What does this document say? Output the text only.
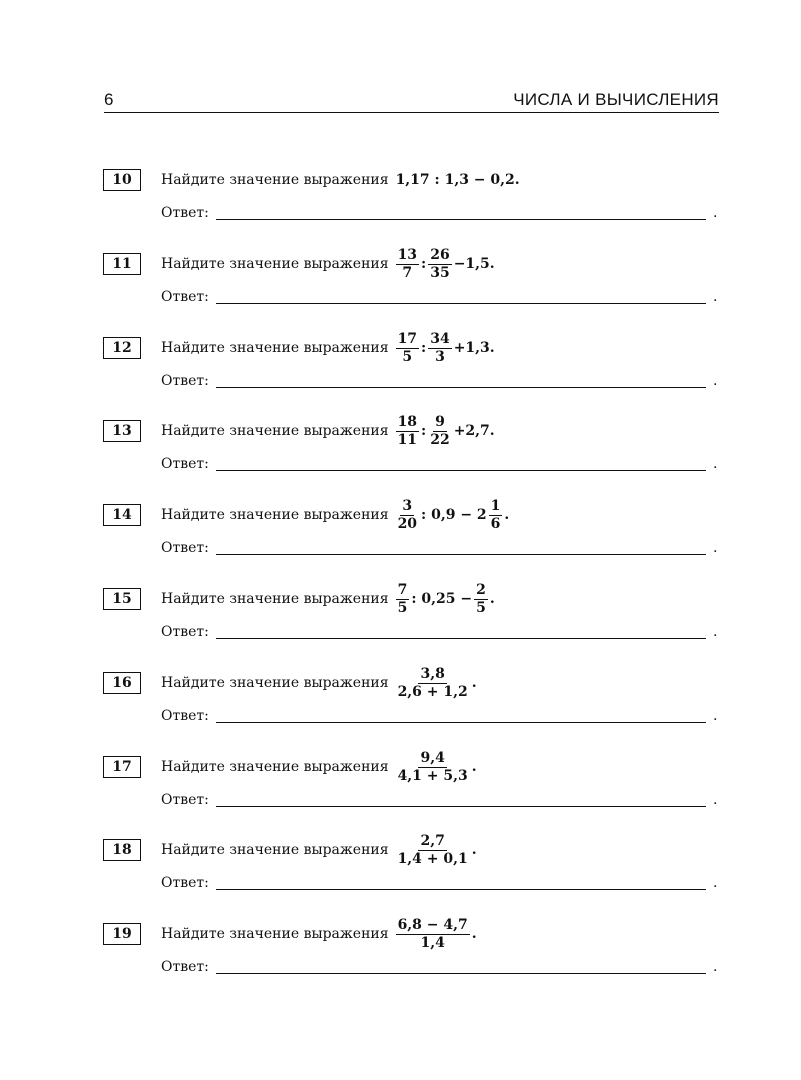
6	ЧИСЛА И ВЫЧИСЛЕНИЯ
10	Найдите значение выражения 1,17 : 1,3 − 0,2.
Ответ:	.
11	Найдите значение выражения $\frac{13}{7}$ : $\frac{26}{35} -1,5$.
Ответ:	.
12	Найдите значение выражения $\frac{17}{5}$ : $\frac{34}{3} +1,3$.
Ответ:	.
13	Найдите значение выражения $\frac{18}{11}$ : $\frac{9}{22} +2,7$.
Ответ:	.
14	Найдите значение выражения $\frac{3}{20}$ : $0,9 - 2 \frac{1}{6}$ .
Ответ:	.
15	Найдите значение выражения $\frac{7}{5}$ : $0,25 - \frac{2}{5}$ .
Ответ:	.
16	Найдите значение выражения $\frac{3,8}{2,6 + 1,2}$ .
Ответ:	.
17	Найдите значение выражения $\frac{9,4}{4,1 + 5,3}$ .
Ответ:	.
18	Найдите значение выражения $\frac{2,7}{1,4 + 0,1}$ .
Ответ:	.
19	Найдите значение выражения $\frac{6,8 - 4,7}{1,4}$ .
Ответ:	.
